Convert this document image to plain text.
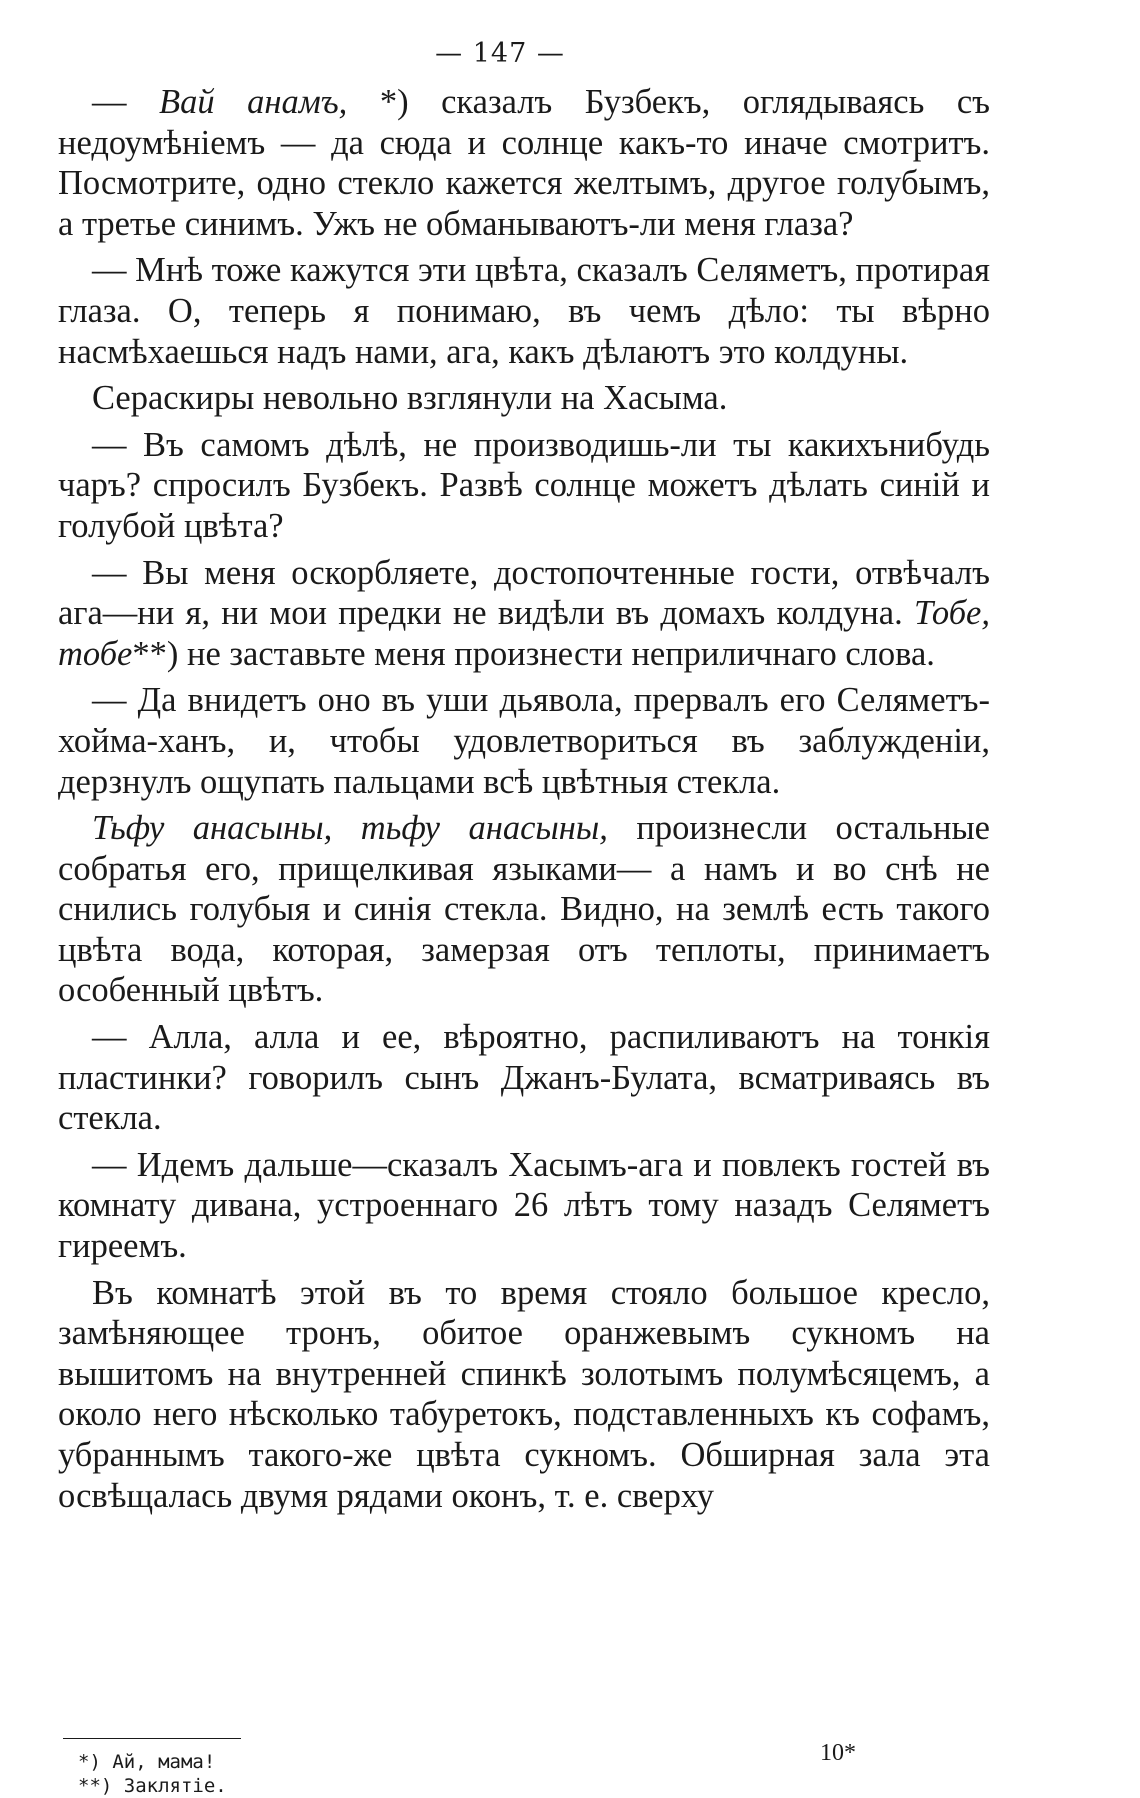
— 147 —

— Вай анамъ, *) сказалъ Бузбекъ, оглядываясь съ недоумѣніемъ — да сюда и солнце какъ-то иначе смотритъ. Посмотрите, одно стекло кажется желтымъ, другое голубымъ, а третье синимъ. Ужъ не обманываютъ-ли меня глаза?

— Мнѣ тоже кажутся эти цвѣта, сказалъ Селяметъ, протирая глаза. О, теперь я понимаю, въ чемъ дѣло: ты вѣрно насмѣхаешься надъ нами, ага, какъ дѣлаютъ это колдуны.

Сераскиры невольно взглянули на Хасыма.

— Въ самомъ дѣлѣ, не производишь-ли ты какихънибудь чаръ? спросилъ Бузбекъ. Развѣ солнце можетъ дѣлать синій и голубой цвѣта?

— Вы меня оскорбляете, достопочтенные гости, отвѣчалъ ага—ни я, ни мои предки не видѣли въ домахъ колдуна. Тобе, тобе**) не заставьте меня произнести неприличнаго слова.

— Да внидетъ оно въ уши дьявола, прервалъ его Селяметъ-хойма-ханъ, и, чтобы удовлетвориться въ заблужденіи, дерзнулъ ощупать пальцами всѣ цвѣтныя стекла.

Тьфу анасыны, тьфу анасыны, произнесли остальные собратья его, прищелкивая языками— а намъ и во снѣ не снились голубыя и синія стекла. Видно, на землѣ есть такого цвѣта вода, которая, замерзая отъ теплоты, принимаетъ особенный цвѣтъ.

— Алла, алла и ее, вѣроятно, распиливаютъ на тонкія пластинки? говорилъ сынъ Джанъ-Булата, всматриваясь въ стекла.

— Идемъ дальше—сказалъ Хасымъ-ага и повлекъ гостей въ комнату дивана, устроеннаго 26 лѣтъ тому назадъ Селяметъ гиреемъ.

Въ комнатѣ этой въ то время стояло большое кресло, замѣняющее тронъ, обитое оранжевымъ сукномъ на вышитомъ на внутренней спинкѣ золотымъ полумѣсяцемъ, а около него нѣсколько табуретокъ, подставленныхъ къ софамъ, убраннымъ такого-же цвѣта сукномъ. Обширная зала эта освѣщалась двумя рядами оконъ, т. е. сверху

*) Ай, мама!
**) Заклятіе.
10*
